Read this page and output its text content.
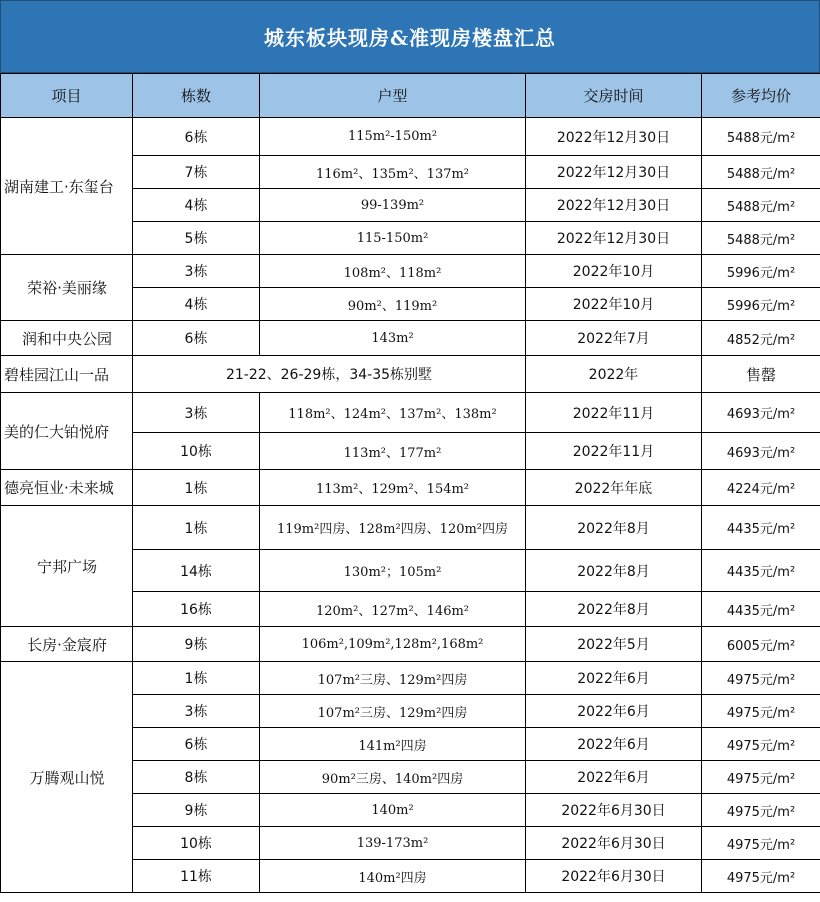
城东板块现房&准现房楼盘汇总
项目	栋数	户型	交房时间	参考均价
湖南建工·东玺台	6栋	115m²-150m²	2022年12月30日	5488元/m²
	7栋	116m²、135m²、137m²	2022年12月30日	5488元/m²
	4栋	99-139m²	2022年12月30日	5488元/m²
	5栋	115-150m²	2022年12月30日	5488元/m²
荣裕·美丽缘	3栋	108m²、118m²	2022年10月	5996元/m²
	4栋	90m²、119m²	2022年10月	5996元/m²
润和中央公园	6栋	143m²	2022年7月	4852元/m²
碧桂园江山一品	21-22、26-29栋，34-35栋别墅		2022年	售罄
美的仁大铂悦府	3栋	118m²、124m²、137m²、138m²	2022年11月	4693元/m²
	10栋	113m²、177m²	2022年11月	4693元/m²
德亮恒业·未来城	1栋	113m²、129m²、154m²	2022年年底	4224元/m²
宁邦广场	1栋	119m²四房、128m²四房、120m²四房	2022年8月	4435元/m²
	14栋	130m²；105m²	2022年8月	4435元/m²
	16栋	120m²、127m²、146m²	2022年8月	4435元/m²
长房·金宸府	9栋	106m²,109m²,128m²,168m²	2022年5月	6005元/m²
万腾观山悦	1栋	107m²三房、129m²四房	2022年6月	4975元/m²
	3栋	107m²三房、129m²四房	2022年6月	4975元/m²
	6栋	141m²四房	2022年6月	4975元/m²
	8栋	90m²三房、140m²四房	2022年6月	4975元/m²
	9栋	140m²	2022年6月30日	4975元/m²
	10栋	139-173m²	2022年6月30日	4975元/m²
	11栋	140m²四房	2022年6月30日	4975元/m²
